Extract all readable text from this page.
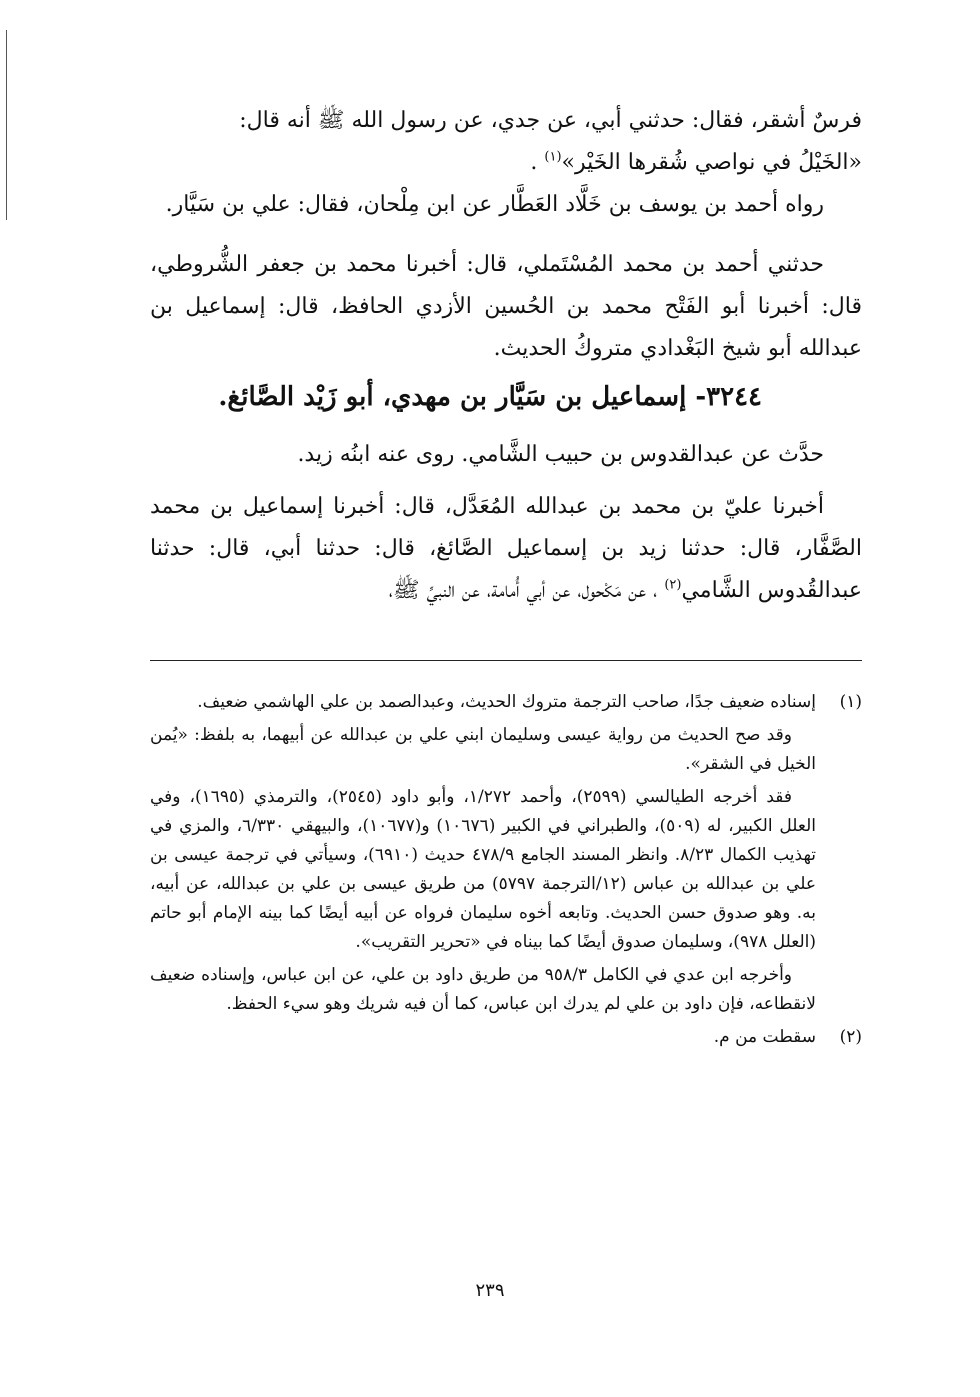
فرسٌ أشقر، فقال: حدثني أبي، عن جدي، عن رسول الله ﷺ أنه قال:
«الخَيْلُ في نواصي شُقرها الخَيْر»$^{(١)}$ .

رواه أحمد بن يوسف بن خَلَّاد العَطَّار عن ابن مِلْحان، فقال: علي بن سَيَّار.

حدثني أحمد بن محمد المُسْتَملي، قال: أخبرنا محمد بن جعفر الشُّروطي، قال: أخبرنا أبو الفَتْح محمد بن الحُسين الأزدي الحافظ، قال: إسماعيل بن عبدالله أبو شيخ البَغْدادي متروكُ الحديث.

٣٢٤٤- إسماعيل بن سَيَّار بن مهدي، أبو زَيْد الصَّائغ.

حدَّث عن عبدالقدوس بن حبيب الشَّامي. روى عنه ابنُه زيد.

أخبرنا عليّ بن محمد بن عبدالله المُعَدَّل، قال: أخبرنا إسماعيل بن محمد الصَّفَّار، قال: حدثنا زيد بن إسماعيل الصَّائغ، قال: حدثنا أبي، قال: حدثنا عبدالقُدوس الشَّامي$^{(٢)}$ ، عن مَكْحول، عن أبي أُمامة، عن النبيِّ ﷺ،

(١)
إسناده ضعيف جدًا، صاحب الترجمة متروك الحديث، وعبدالصمد بن علي الهاشمي ضعيف.

وقد صح الحديث من رواية عيسى وسليمان ابني علي بن عبدالله عن أبيهما، به بلفظ: «يُمن الخيل في الشقر».

فقد أخرجه الطيالسي (٢٥٩٩)، وأحمد ١/٢٧٢، وأبو داود (٢٥٤٥)، والترمذي (١٦٩٥)، وفي العلل الكبير، له (٥٠٩)، والطبراني في الكبير (١٠٦٧٦) و(١٠٦٧٧)، والبيهقي ٦/٣٣٠، والمزي في تهذيب الكمال ٨/٢٣. وانظر المسند الجامع ٤٧٨/٩ حديث (٦٩١٠)، وسيأتي في ترجمة عيسى بن علي بن عبدالله بن عباس (١٢/الترجمة ٥٧٩٧) من طريق عيسى بن علي بن عبدالله، عن أبيه، به. وهو صدوق حسن الحديث. وتابعه أخوه سليمان فرواه عن أبيه أيضًا كما بينه الإمام أبو حاتم (العلل ٩٧٨)، وسليمان صدوق أيضًا كما بيناه في «تحرير التقريب».

وأخرجه ابن عدي في الكامل ٩٥٨/٣ من طريق داود بن علي، عن ابن عباس، وإسناده ضعيف لانقطاعه، فإن داود بن علي لم يدرك ابن عباس، كما أن فيه شريك وهو سيء الحفظ.

(٢)
سقطت من م.
٢٣٩
